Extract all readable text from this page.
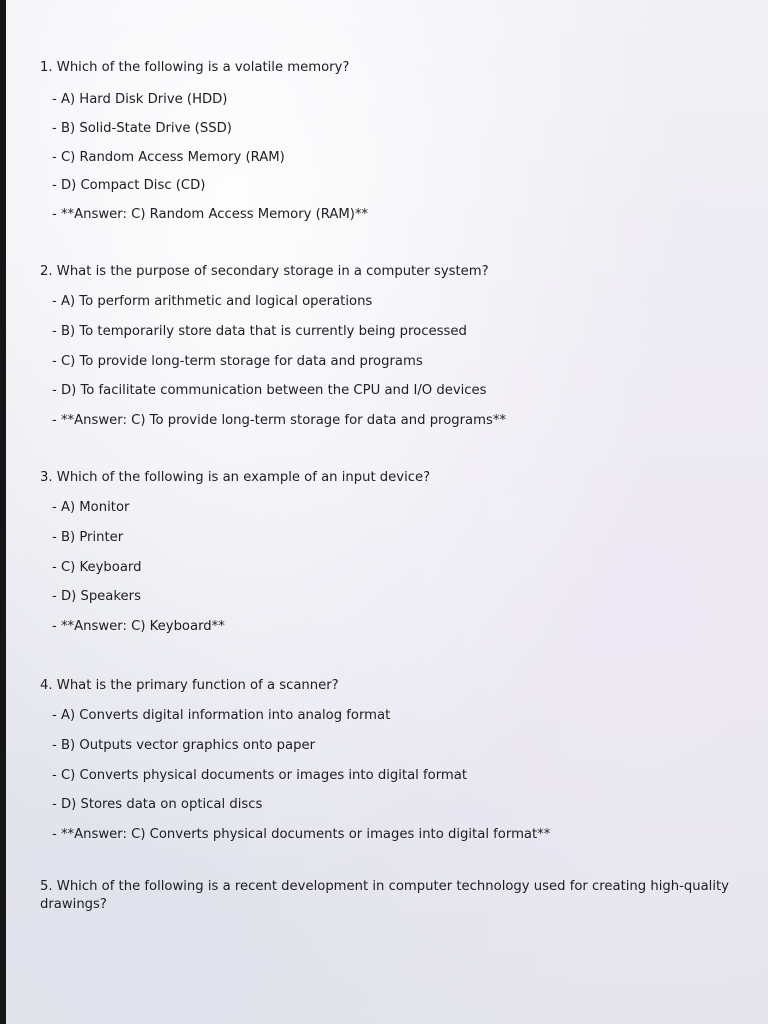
1. Which of the following is a volatile memory?

- A) Hard Disk Drive (HDD)

- B) Solid-State Drive (SSD)

- C) Random Access Memory (RAM)

- D) Compact Disc (CD)

- **Answer: C) Random Access Memory (RAM)**

2. What is the purpose of secondary storage in a computer system?

- A) To perform arithmetic and logical operations

- B) To temporarily store data that is currently being processed

- C) To provide long-term storage for data and programs

- D) To facilitate communication between the CPU and I/O devices

- **Answer: C) To provide long-term storage for data and programs**

3. Which of the following is an example of an input device?

- A) Monitor

- B) Printer

- C) Keyboard

- D) Speakers

- **Answer: C) Keyboard**

4. What is the primary function of a scanner?

- A) Converts digital information into analog format

- B) Outputs vector graphics onto paper

- C) Converts physical documents or images into digital format

- D) Stores data on optical discs

- **Answer: C) Converts physical documents or images into digital format**

5. Which of the following is a recent development in computer technology used for creating high-quality drawings?
